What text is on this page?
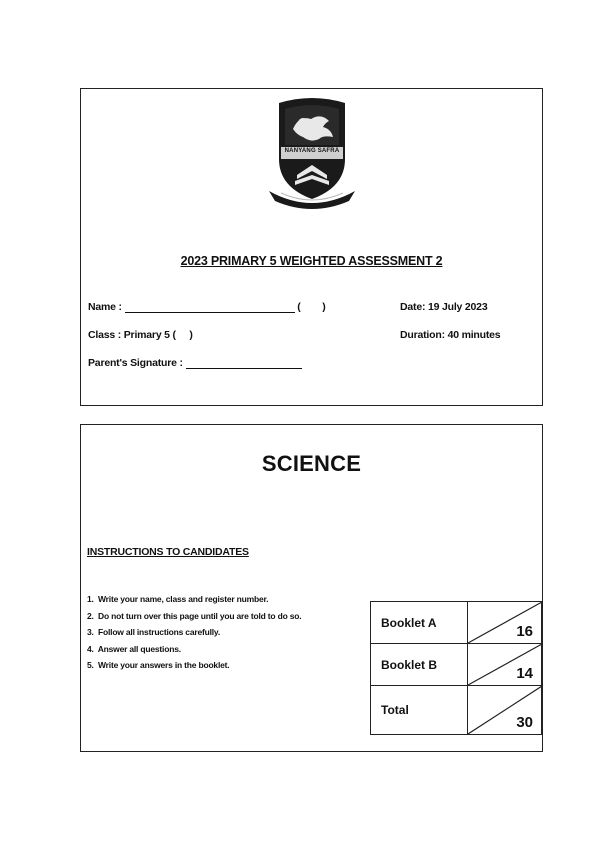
NANYANG SAFRA
2023 PRIMARY 5 WEIGHTED ASSESSMENT 2
Name :	(        )	Date: 19 July 2023
Class : Primary 5 (     )	Duration: 40 minutes
Parent's Signature :
SCIENCE
INSTRUCTIONS TO CANDIDATES
1.  Write your name, class and register number.
2.  Do not turn over this page until you are told to do so.
3.  Follow all instructions carefully.
4.  Answer all questions.
5.  Write your answers in the booklet.
Booklet A	16

Booklet B	14

Total	30
